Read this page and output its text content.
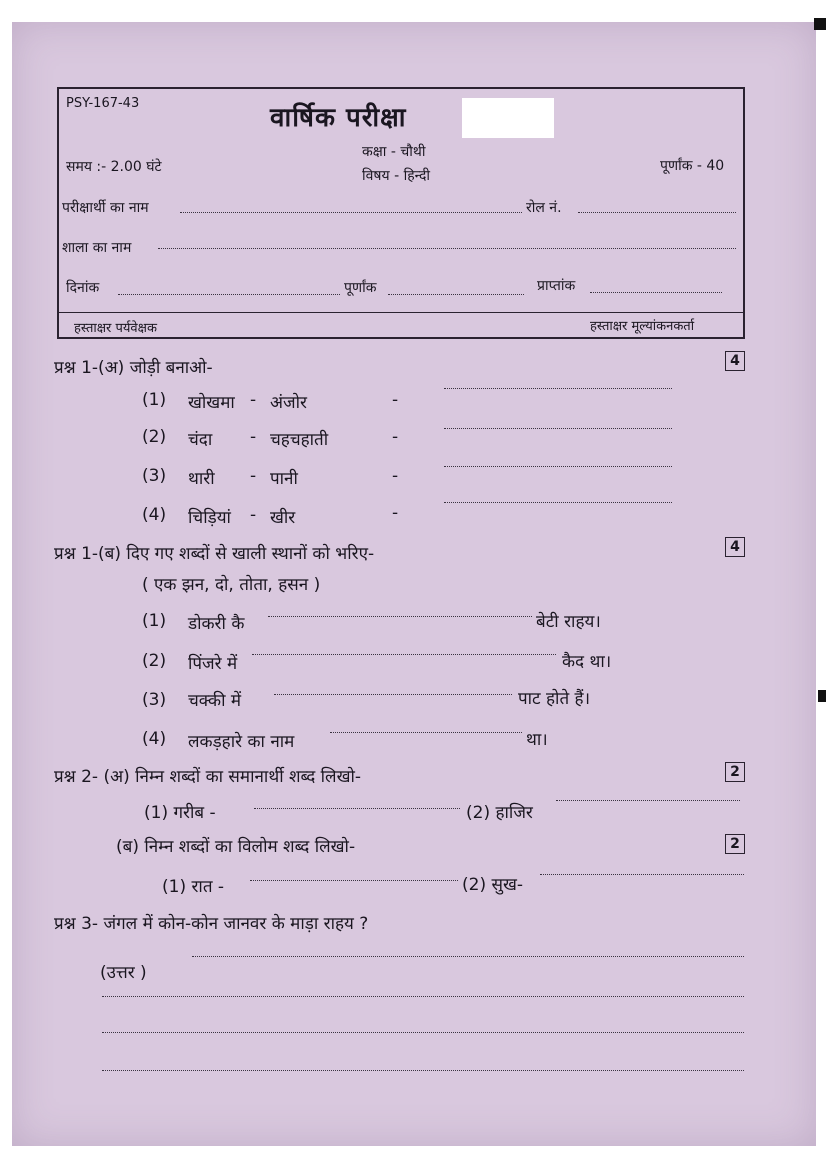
PSY-167-43	वार्षिक परीक्षा
कक्षा - चौथी
विषय - हिन्दी
समय :- 2.00 घंटे	पूर्णांक - 40
परीक्षार्थी का नाम	रोल नं.
शाला का नाम
दिनांक	पूर्णांक	प्राप्तांक
हस्ताक्षर पर्यवेक्षक	हस्ताक्षर मूल्यांकनकर्ता
प्रश्न 1-(अ) जोड़ी बनाओ-	4
(1) खोखमा - अंजोर	-
(2) चंदा - चहचहाती	-
(3) थारी - पानी	-
(4) चिड़ियां - खीर	-
प्रश्न 1-(ब) दिए गए शब्दों से खाली स्थानों को भरिए-	4
( एक झन, दो, तोता, हसन )
(1) डोकरी कै	बेटी राहय।
(2) पिंजरे में	कैद था।
(3) चक्की में	पाट होते हैं।
(4) लकड़हारे का नाम	था।
प्रश्न 2- (अ) निम्न शब्दों का समानार्थी शब्द लिखो-	2
(1) गरीब -	(2) हाजिर
(ब) निम्न शब्दों का विलोम शब्द लिखो-	2
(1) रात -	(2) सुख-
प्रश्न 3- जंगल में कोन-कोन जानवर के माड़ा राहय ?
(उत्तर )
